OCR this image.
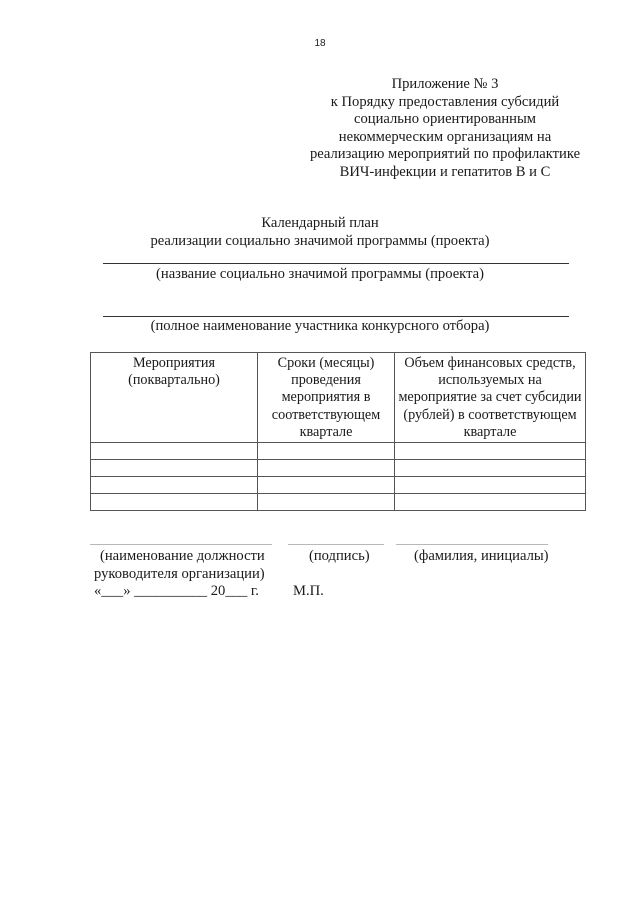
18
Приложение № 3
к Порядку предоставления субсидий
социально ориентированным
некоммерческим организациям на
реализацию мероприятий по профилактике
ВИЧ-инфекции и гепатитов В и С
Календарный план
реализации социально значимой программы (проекта)
(название социально значимой программы (проекта)
(полное наименование участника конкурсного отбора)
Мероприятия (поквартально)	Сроки (месяцы) проведения мероприятия в соответствующем квартале	Объем финансовых средств, используемых на мероприятие за счет субсидии (рублей) в соответствующем квартале

(наименование должности	(подпись)	(фамилия, инициалы)
руководителя организации)
«___» __________ 20___ г. М.П.
